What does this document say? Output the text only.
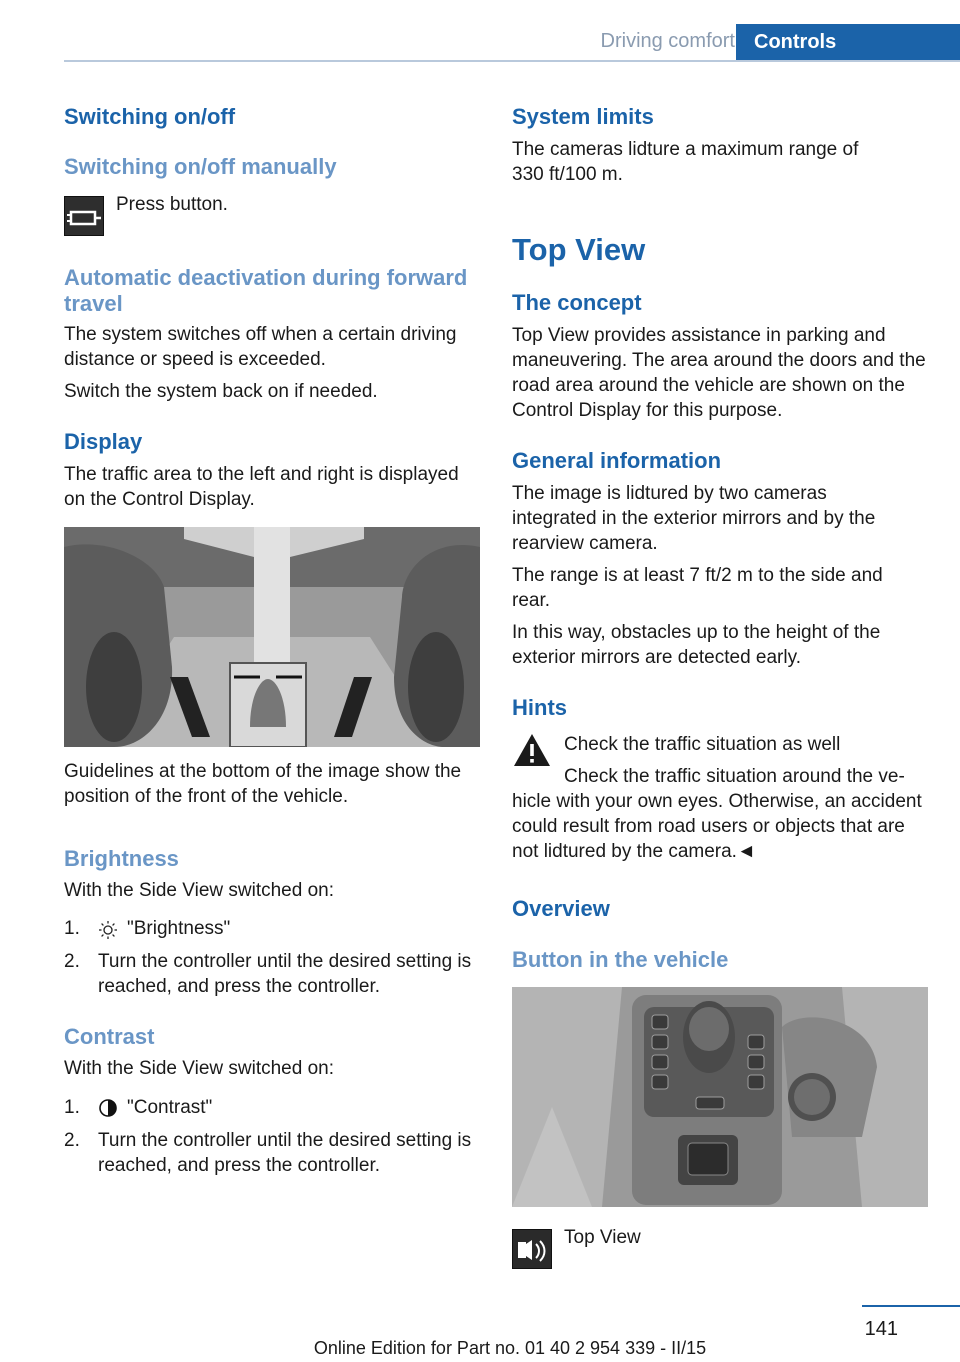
Driving comfort Controls
Switching on/off
Switching on/off manually
Press button.
Automatic deactivation during forward travel
The system switches off when a certain driving distance or speed is exceeded.
Switch the system back on if needed.
Display
The traffic area to the left and right is displayed on the Control Display.
Guidelines at the bottom of the image show the position of the front of the vehicle.
Brightness
With the Side View switched on:
1. "Brightness"
2. Turn the controller until the desired setting is reached, and press the controller.
Contrast
With the Side View switched on:
1. "Contrast"
2. Turn the controller until the desired setting is reached, and press the controller.
System limits
The cameras lidture a maximum range of 330 ft/100 m.
Top View
The concept
Top View provides assistance in parking and maneuvering. The area around the doors and the road area around the vehicle are shown on the Control Display for this purpose.
General information
The image is lidtured by two cameras integrated in the exterior mirrors and by the rearview camera.
The range is at least 7 ft/2 m to the side and rear.
In this way, obstacles up to the height of the exterior mirrors are detected early.
Hints
Check the traffic situation as well
Check the traffic situation around the vehicle with your own eyes. Otherwise, an accident could result from road users or objects that are not lidtured by the camera.◄
Overview
Button in the vehicle
Top View
141
Online Edition for Part no. 01 40 2 954 339 - II/15
